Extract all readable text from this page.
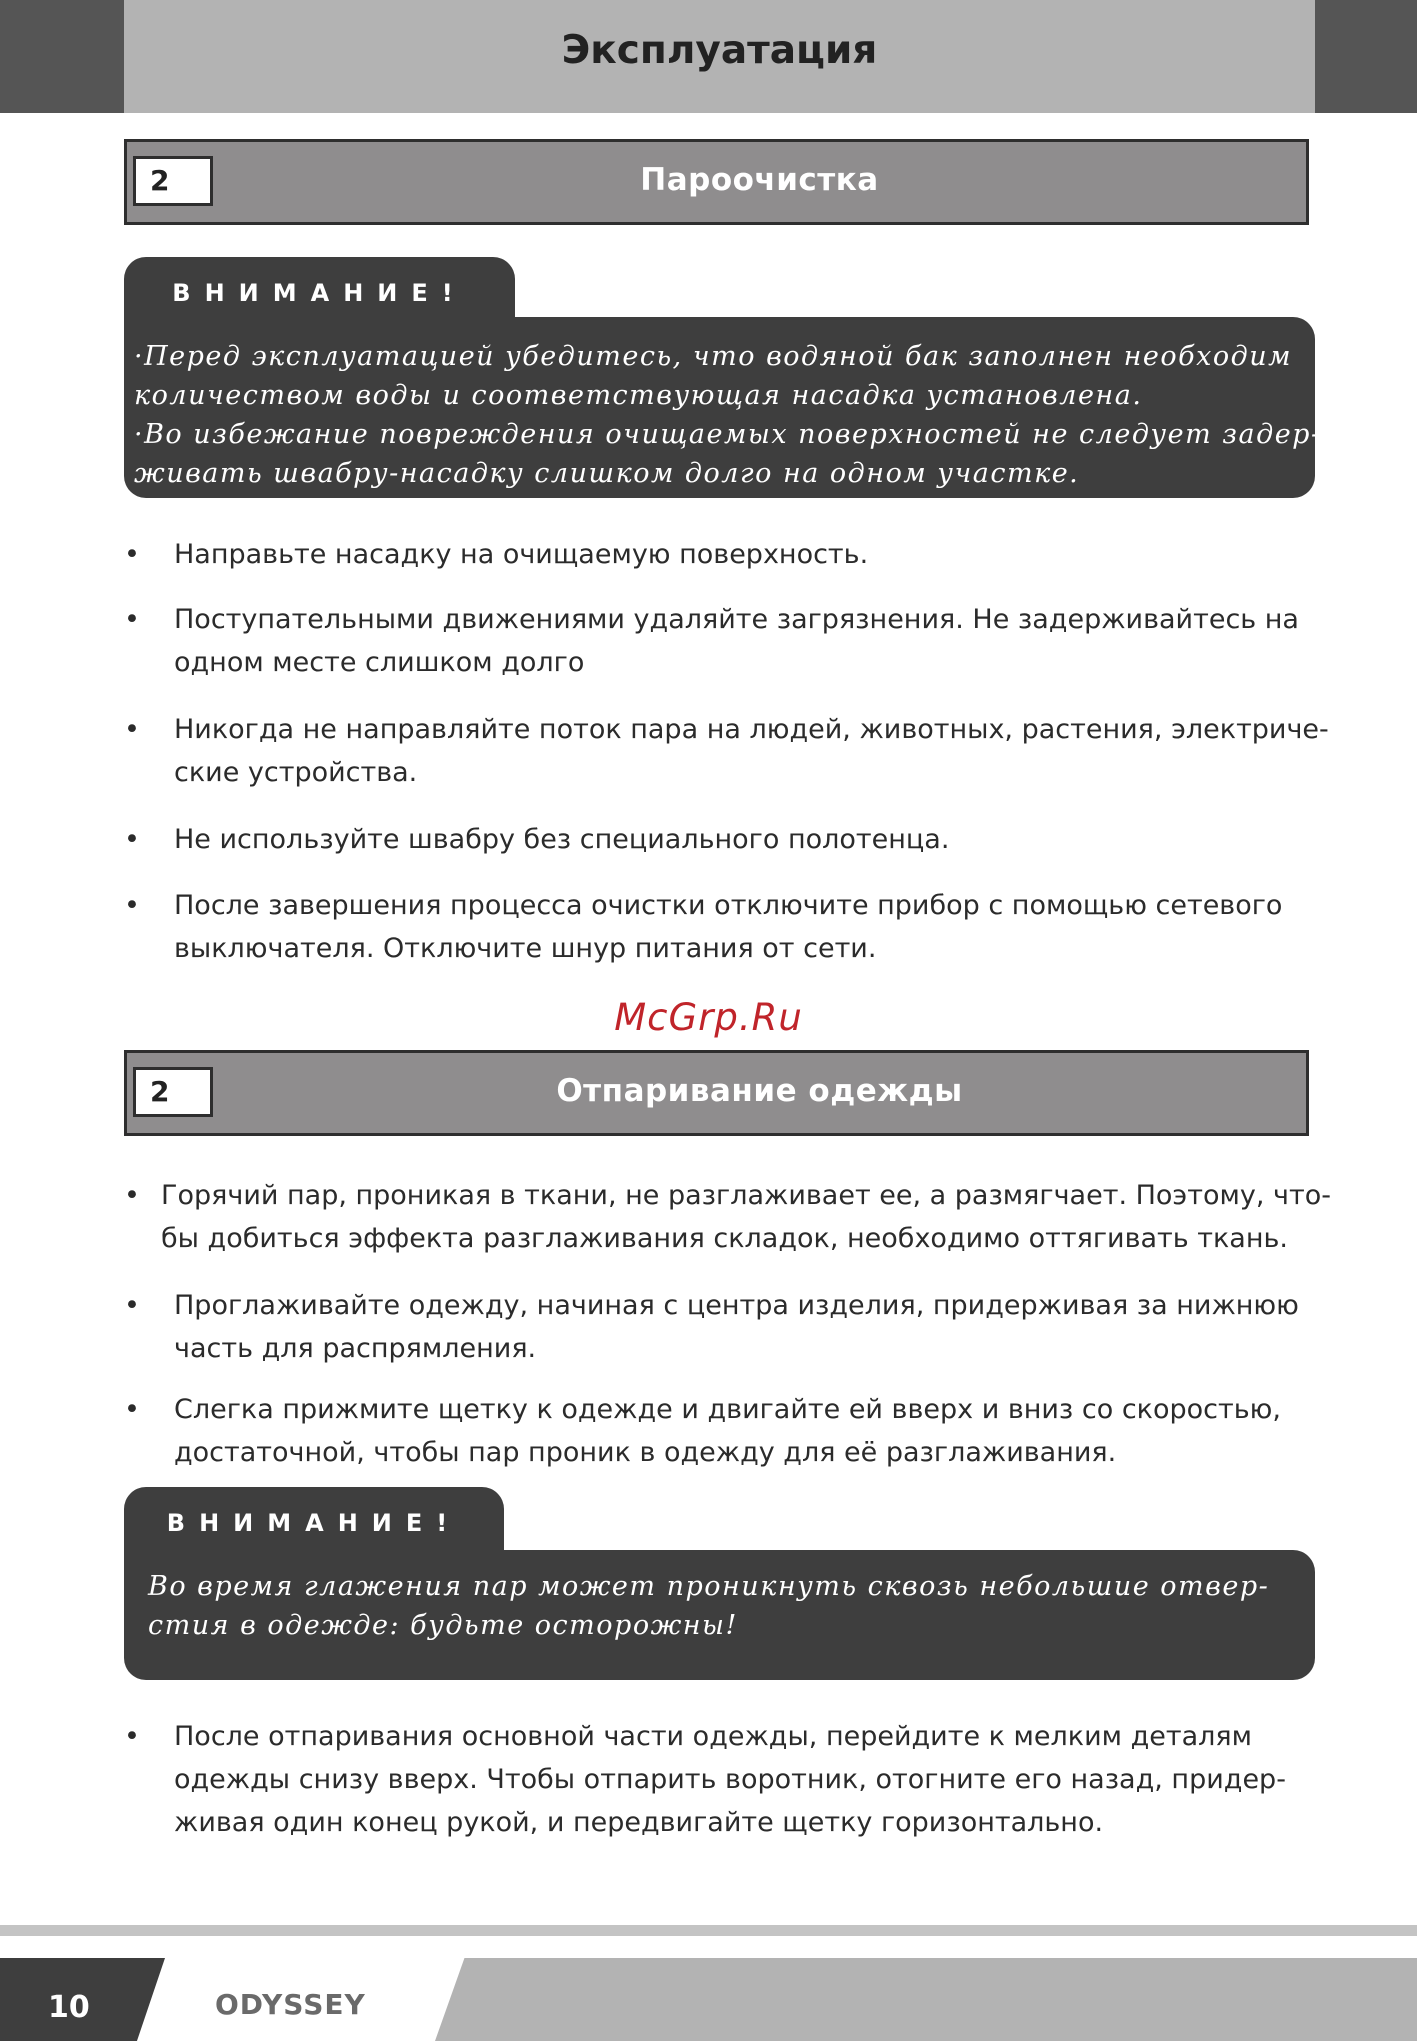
Эксплуатация
2	Пароочистка
ВНИМАНИЕ!
·Перед эксплуатацией убедитесь, что водяной бак заполнен необходим
количеством воды и соответствующая насадка установлена.
·Во избежание повреждения очищаемых поверхностей не следует задер-
живать швабру-насадку слишком долго на одном участке.
• Направьте насадку на очищаемую поверхность.
• Поступательными движениями удаляйте загрязнения. Не задерживайтесь на
одном месте слишком долго
• Никогда не направляйте поток пара на людей, животных, растения, электриче-
ские устройства.
• Не используйте швабру без специального полотенца.
• После завершения процесса очистки отключите прибор с помощью сетевого
выключателя. Отключите шнур питания от сети.
McGrp.Ru
2	Отпаривание одежды
• Горячий пар, проникая в ткани, не разглаживает ее, а размягчает. Поэтому, что-
бы добиться эффекта разглаживания складок, необходимо оттягивать ткань.
• Проглаживайте одежду, начиная с центра изделия, придерживая за нижнюю
часть для распрямления.
• Слегка прижмите щетку к одежде и двигайте ей вверх и вниз со скоростью,
достаточной, чтобы пар проник в одежду для её разглаживания.
ВНИМАНИЕ!
Во время глажения пар может проникнуть сквозь небольшие отвер-
стия в одежде: будьте осторожны!
• После отпаривания основной части одежды, перейдите к мелким деталям
одежды снизу вверх. Чтобы отпарить воротник, отогните его назад, придер-
живая один конец рукой, и передвигайте щетку горизонтально.
10	ODYSSEY
